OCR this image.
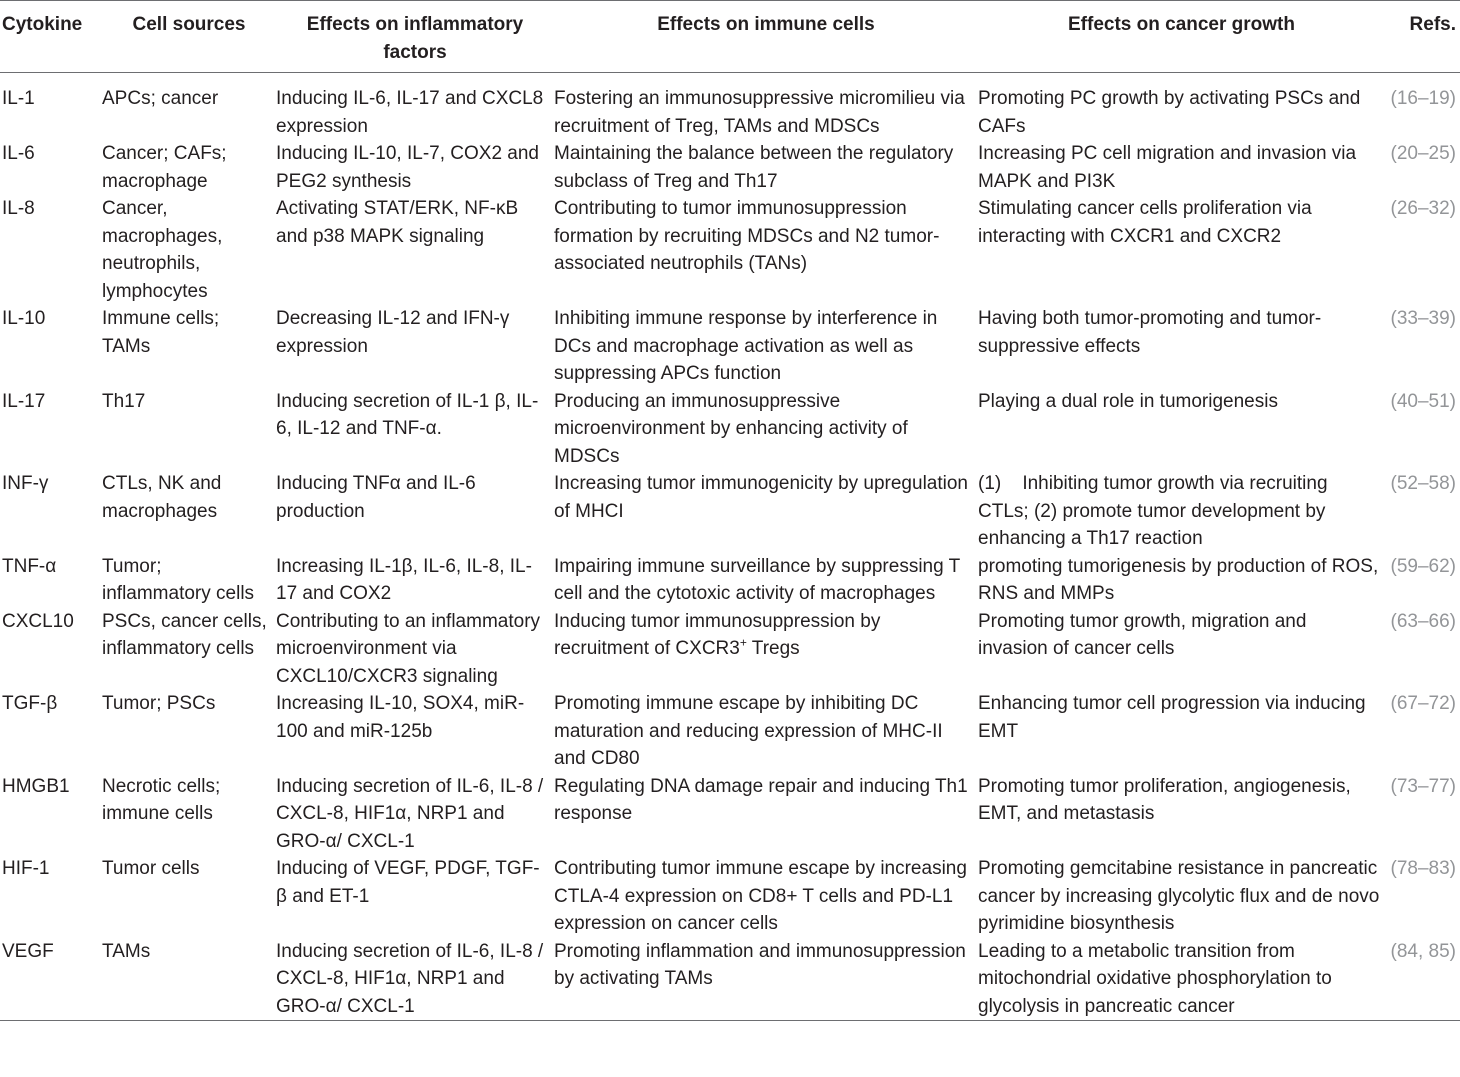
Cytokine	Cell sources	Effects on inflammatory factors	Effects on immune cells	Effects on cancer growth	Refs.
IL-1	APCs; cancer	Inducing IL-6, IL-17 and CXCL8 expression	Fostering an immunosuppressive micromilieu via recruitment of Treg, TAMs and MDSCs	Promoting PC growth by activating PSCs and CAFs	(16–19)
IL-6	Cancer; CAFs; macrophage	Inducing IL-10, IL-7, COX2 and PEG2 synthesis	Maintaining the balance between the regulatory subclass of Treg and Th17	Increasing PC cell migration and invasion via MAPK and PI3K	(20–25)
IL-8	Cancer, macrophages, neutrophils, lymphocytes	Activating STAT/ERK, NF-κB and p38 MAPK signaling	Contributing to tumor immunosuppression formation by recruiting MDSCs and N2 tumor-associated neutrophils (TANs)	Stimulating cancer cells proliferation via interacting with CXCR1 and CXCR2	(26–32)
IL-10	Immune cells; TAMs	Decreasing IL-12 and IFN-γ expression	Inhibiting immune response by interference in DCs and macrophage activation as well as suppressing APCs function	Having both tumor-promoting and tumor-suppressive effects	(33–39)
IL-17	Th17	Inducing secretion of IL-1 β, IL-6, IL-12 and TNF-α.	Producing an immunosuppressive microenvironment by enhancing activity of MDSCs	Playing a dual role in tumorigenesis	(40–51)
INF-γ	CTLs, NK and macrophages	Inducing TNFα and IL-6 production	Increasing tumor immunogenicity by upregulation of MHCI	(1)    Inhibiting tumor growth via recruiting CTLs; (2) promote tumor development by enhancing a Th17 reaction	(52–58)
TNF-α	Tumor; inflammatory cells	Increasing IL-1β, IL-6, IL-8, IL-17 and COX2	Impairing immune surveillance by suppressing T cell and the cytotoxic activity of macrophages	promoting tumorigenesis by production of ROS, RNS and MMPs	(59–62)
CXCL10	PSCs, cancer cells, inflammatory cells	Contributing to an inflammatory microenvironment via CXCL10/CXCR3 signaling	Inducing tumor immunosuppression by recruitment of CXCR3+ Tregs	Promoting tumor growth, migration and invasion of cancer cells	(63–66)
TGF-β	Tumor; PSCs	Increasing IL-10, SOX4, miR-100 and miR-125b	Promoting immune escape by inhibiting DC maturation and reducing expression of MHC-II and CD80	Enhancing tumor cell progression via inducing EMT	(67–72)
HMGB1	Necrotic cells; immune cells	Inducing secretion of IL-6, IL-8 / CXCL-8, HIF1α, NRP1 and GRO-α/ CXCL-1	Regulating DNA damage repair and inducing Th1 response	Promoting tumor proliferation, angiogenesis, EMT, and metastasis	(73–77)
HIF-1	Tumor cells	Inducing of VEGF, PDGF, TGF-β and ET-1	Contributing tumor immune escape by increasing CTLA-4 expression on CD8+ T cells and PD-L1 expression on cancer cells	Promoting gemcitabine resistance in pancreatic cancer by increasing glycolytic flux and de novo pyrimidine biosynthesis	(78–83)
VEGF	TAMs	Inducing secretion of IL-6, IL-8 / CXCL-8, HIF1α, NRP1 and GRO-α/ CXCL-1	Promoting inflammation and immunosuppression by activating TAMs	Leading to a metabolic transition from mitochondrial oxidative phosphorylation to glycolysis in pancreatic cancer	(84, 85)
